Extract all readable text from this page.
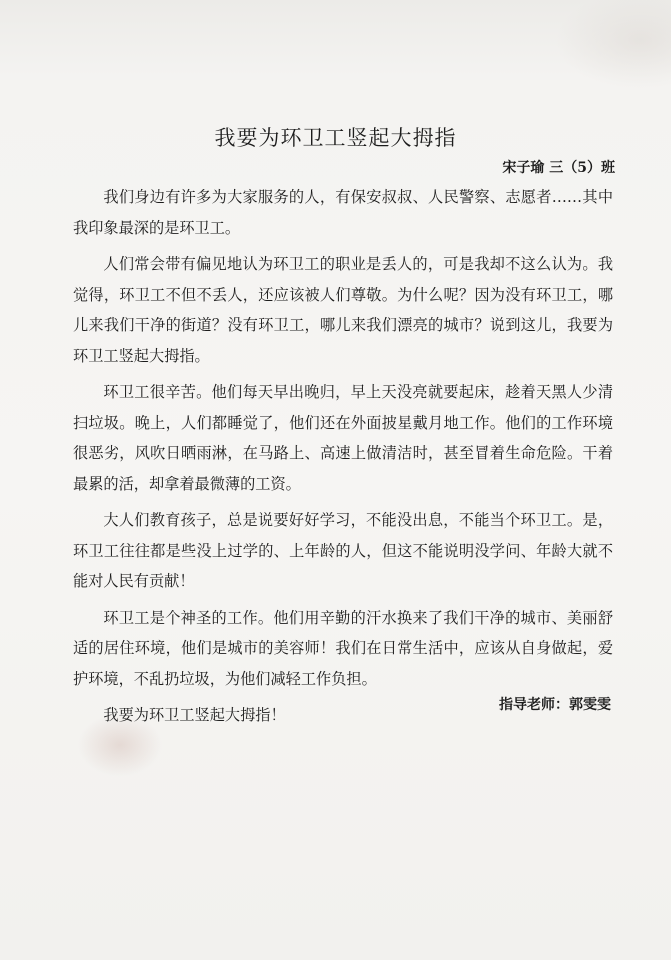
我要为环卫工竖起大拇指
宋子瑜 三（5）班

我们身边有许多为大家服务的人，有保安叔叔、人民警察、志愿者……其中我印象最深的是环卫工。

人们常会带有偏见地认为环卫工的职业是丢人的，可是我却不这么认为。我觉得，环卫工不但不丢人，还应该被人们尊敬。为什么呢？因为没有环卫工，哪儿来我们干净的街道？没有环卫工，哪儿来我们漂亮的城市？说到这儿，我要为环卫工竖起大拇指。

环卫工很辛苦。他们每天早出晚归，早上天没亮就要起床，趁着天黑人少清扫垃圾。晚上，人们都睡觉了，他们还在外面披星戴月地工作。他们的工作环境很恶劣，风吹日晒雨淋，在马路上、高速上做清洁时，甚至冒着生命危险。干着最累的活，却拿着最微薄的工资。

大人们教育孩子，总是说要好好学习，不能没出息，不能当个环卫工。是，环卫工往往都是些没上过学的、上年龄的人，但这不能说明没学问、年龄大就不能对人民有贡献！

环卫工是个神圣的工作。他们用辛勤的汗水换来了我们干净的城市、美丽舒适的居住环境，他们是城市的美容师！我们在日常生活中，应该从自身做起，爱护环境，不乱扔垃圾，为他们减轻工作负担。

我要为环卫工竖起大拇指！

指导老师：郭雯雯
